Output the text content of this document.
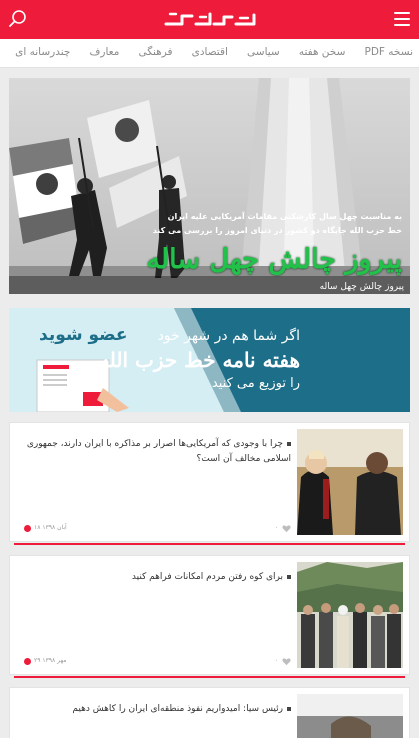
نسخه PDF سخن هفته سیاسی اقتصادی فرهنگی معارف چندرسانه ای
به مناسبت چهل سال کارشکنی مقامات آمریکایی علیه ایران
خط حزب الله جایگاه دو کشور در دنیای امروز را بررسی می کند
پیروز چالش چهل ساله
پیروز چالش چهل ساله
عضو شوید اگر شما هم در شهر خود
هفته نامه خط حزب الله
را توزیع می کنید
چرا با وجودی که آمریکایی‌ها اصرار بر مذاکره با ایران دارند، جمهوری اسلامی مخالف آن است؟
۱۸ آبان ۱۳۹۸	۰
برای کوه رفتن مردم امکانات فراهم کنید
۲۹ مهر ۱۳۹۸	۰
رئیس سیا: امیدواریم نفوذ منطقه‌ای ایران را کاهش دهیم
